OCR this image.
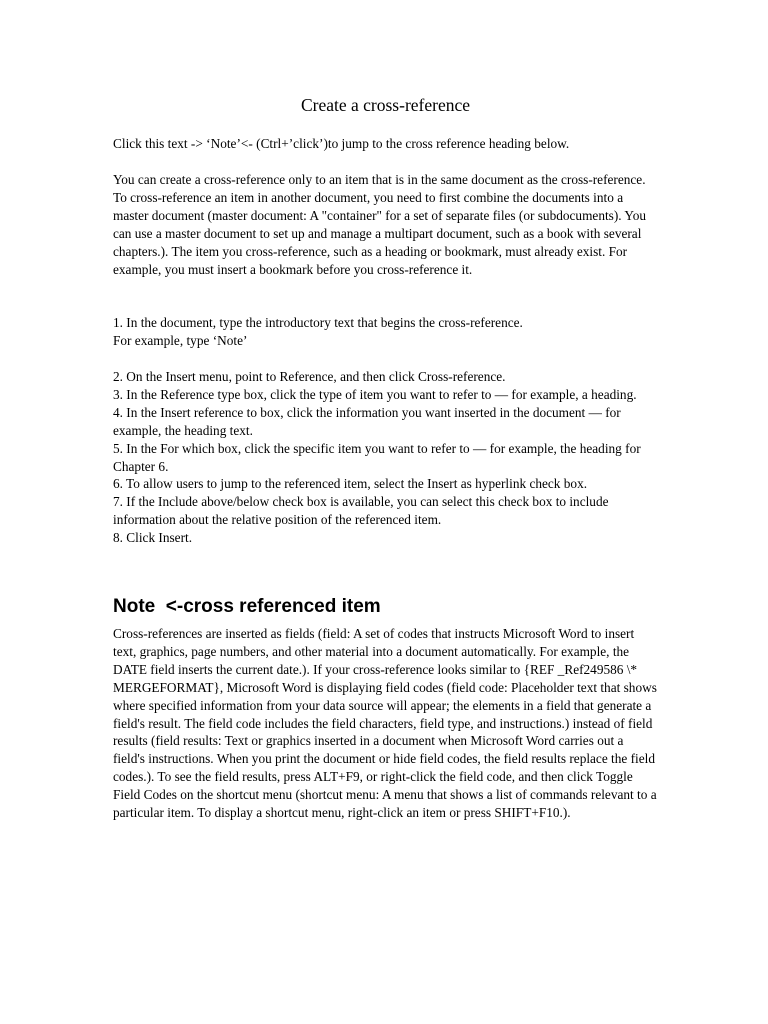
Create a cross-reference

Click this text -> ‘Note’<- (Ctrl+’click’)to jump to the cross reference heading below.

You can create a cross-reference only to an item that is in the same document as the cross-reference. To cross-reference an item in another document, you need to first combine the documents into a master document (master document: A "container" for a set of separate files (or subdocuments). You can use a master document to set up and manage a multipart document, such as a book with several chapters.). The item you cross-reference, such as a heading or bookmark, must already exist. For example, you must insert a bookmark before you cross-reference it.

1. In the document, type the introductory text that begins the cross-reference.

For example, type ‘Note’

2. On the Insert menu, point to Reference, and then click Cross-reference.

3. In the Reference type box, click the type of item you want to refer to — for example, a heading.

4. In the Insert reference to box, click the information you want inserted in the document — for example, the heading text.

5. In the For which box, click the specific item you want to refer to — for example, the heading for Chapter 6.

6. To allow users to jump to the referenced item, select the Insert as hyperlink check box.

7. If the Include above/below check box is available, you can select this check box to include information about the relative position of the referenced item.

8. Click Insert.

Note  <-cross referenced item

Cross-references are inserted as fields (field: A set of codes that instructs Microsoft Word to insert text, graphics, page numbers, and other material into a document automatically. For example, the DATE field inserts the current date.). If your cross-reference looks similar to {REF _Ref249586 \* MERGEFORMAT}, Microsoft Word is displaying field codes (field code: Placeholder text that shows where specified information from your data source will appear; the elements in a field that generate a field's result. The field code includes the field characters, field type, and instructions.) instead of field results (field results: Text or graphics inserted in a document when Microsoft Word carries out a field's instructions. When you print the document or hide field codes, the field results replace the field codes.). To see the field results, press ALT+F9, or right-click the field code, and then click Toggle Field Codes on the shortcut menu (shortcut menu: A menu that shows a list of commands relevant to a particular item. To display a shortcut menu, right-click an item or press SHIFT+F10.).
